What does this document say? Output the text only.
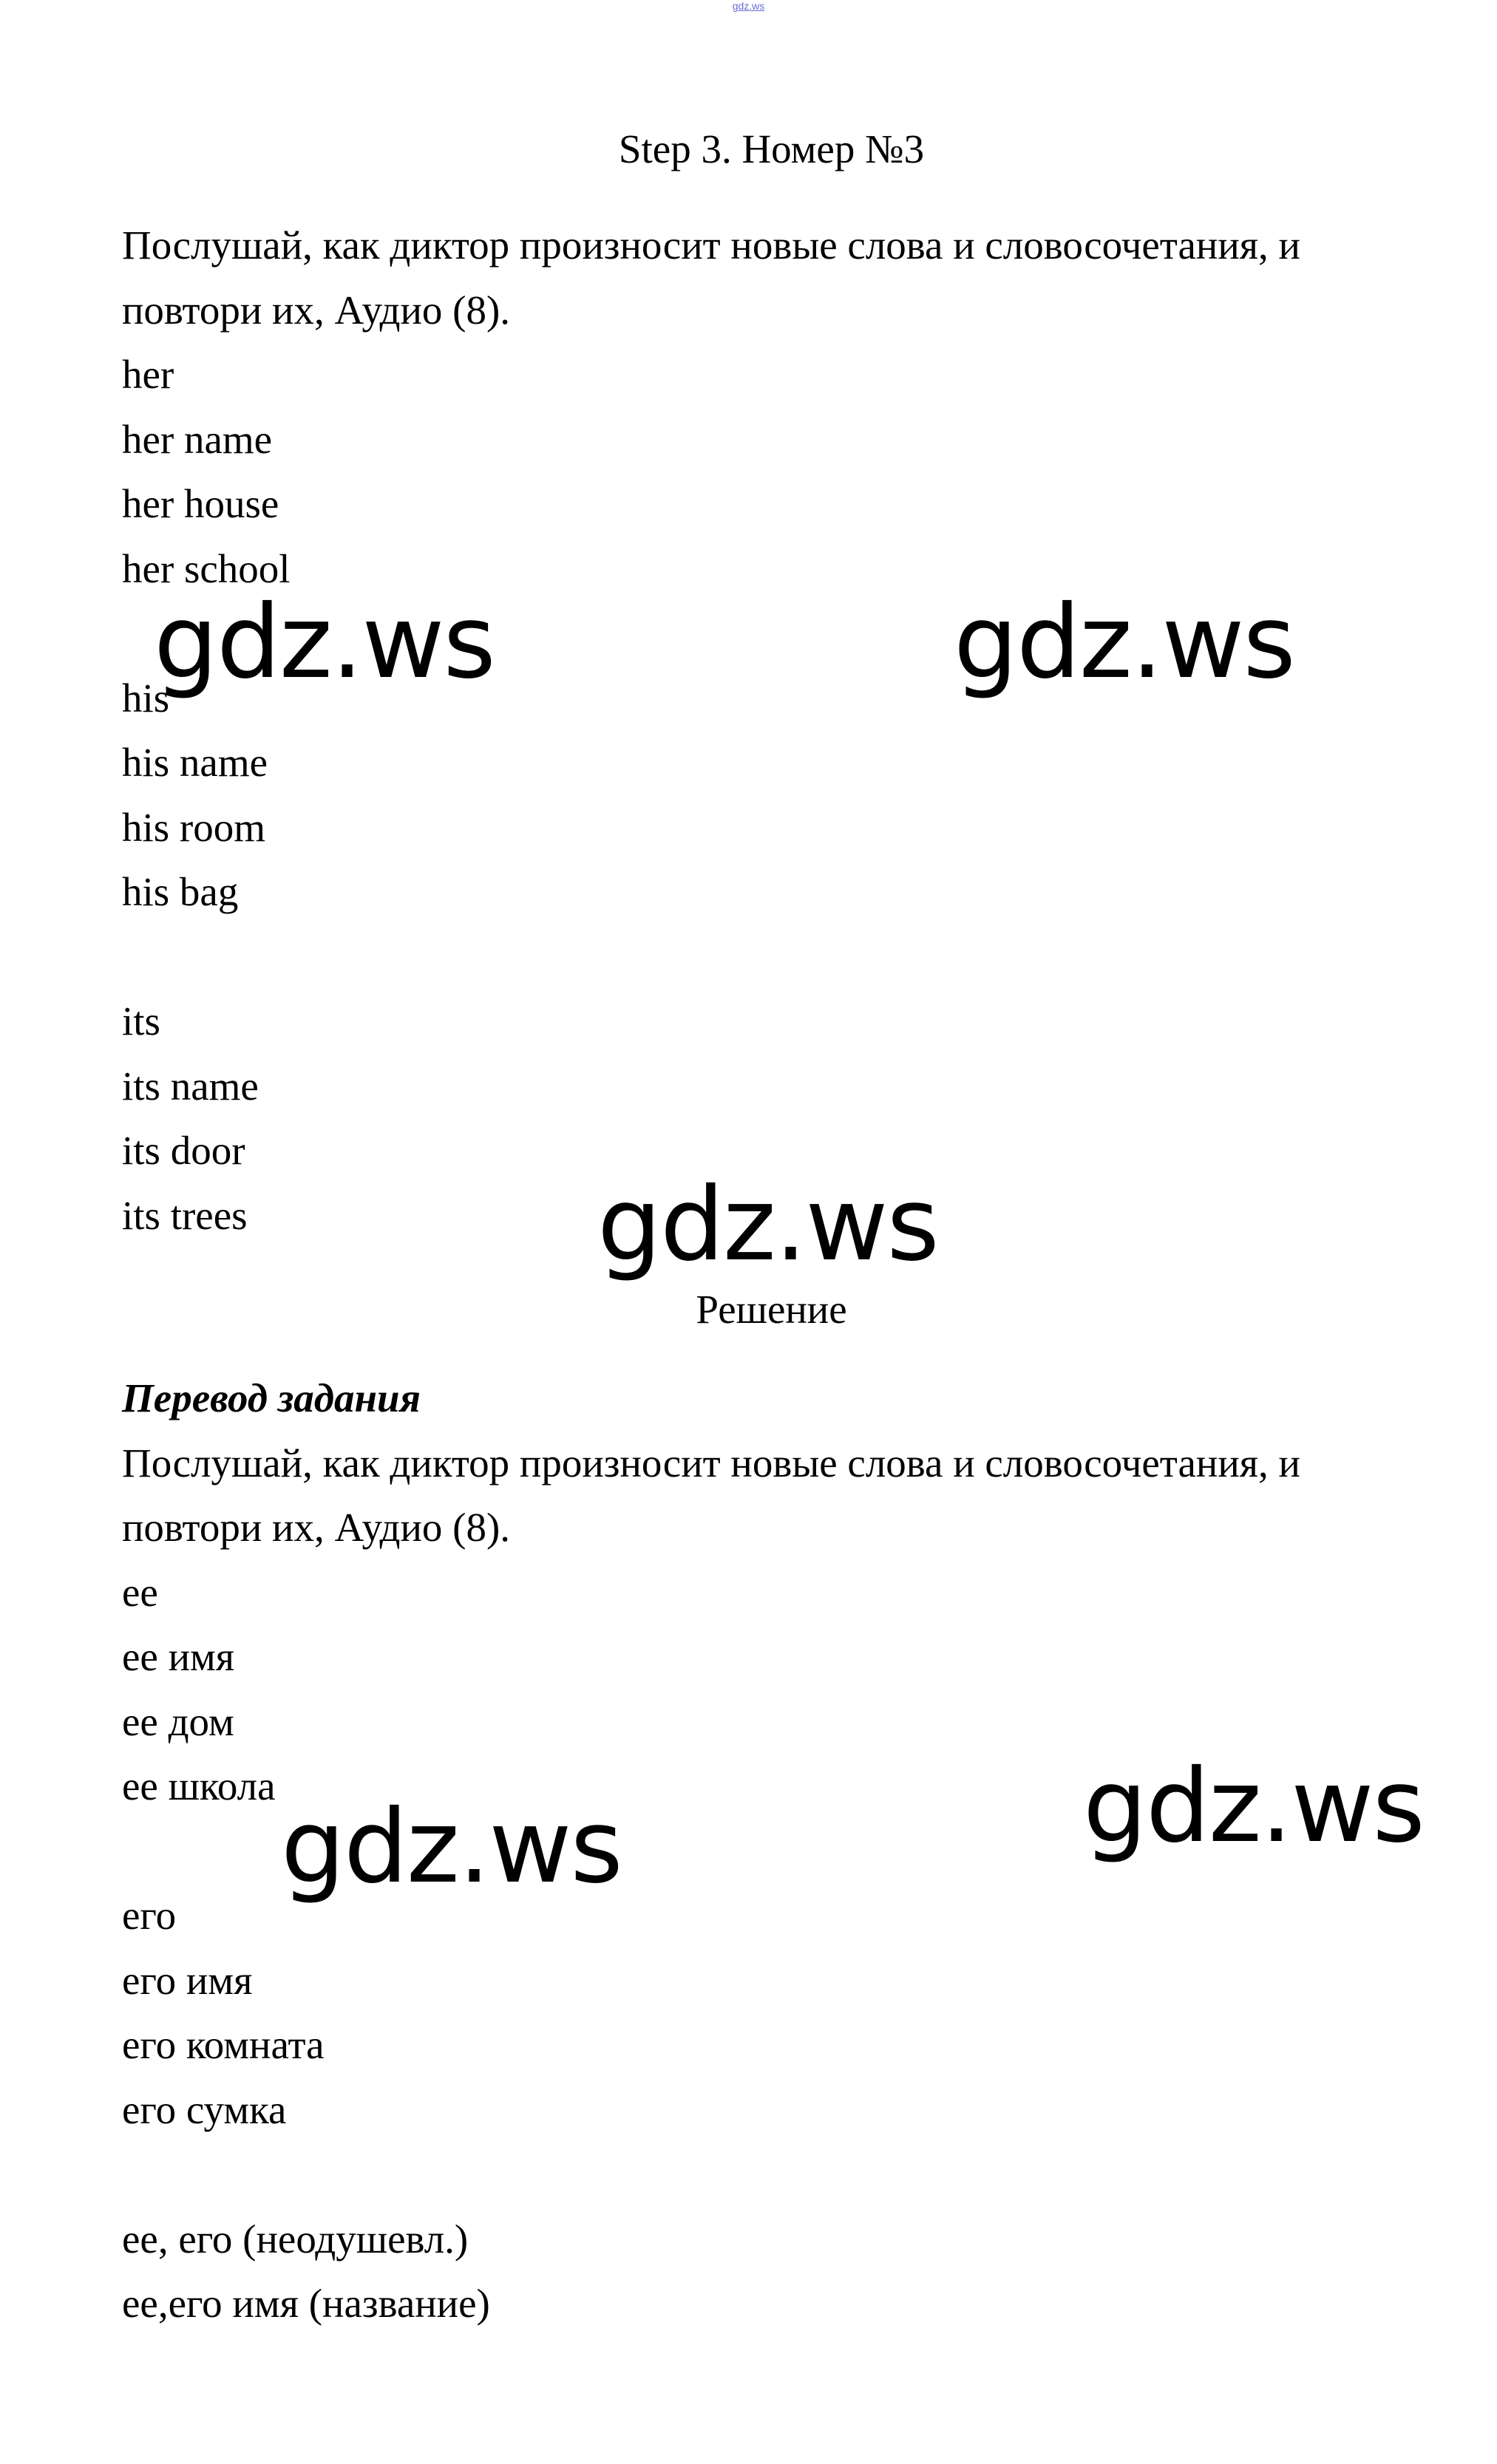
gdz.ws
Step 3. Номер №3

Послушай, как диктор произносит новые слова и словосочетания, и

повтори их, Аудио (8).

her

her name

her house

her school

his

his name

his room

his bag

its

its name

its door

its trees

Решение

Перевод задания

Послушай, как диктор произносит новые слова и словосочетания, и

повтори их, Аудио (8).

ее

ее имя

ее дом

ее школа

его

его имя

его комната

его сумка

ее, его (неодушевл.)

ее,его имя (название)

gdz.ws	gdz.ws
gdz.ws
gdz.ws
gdz.ws
